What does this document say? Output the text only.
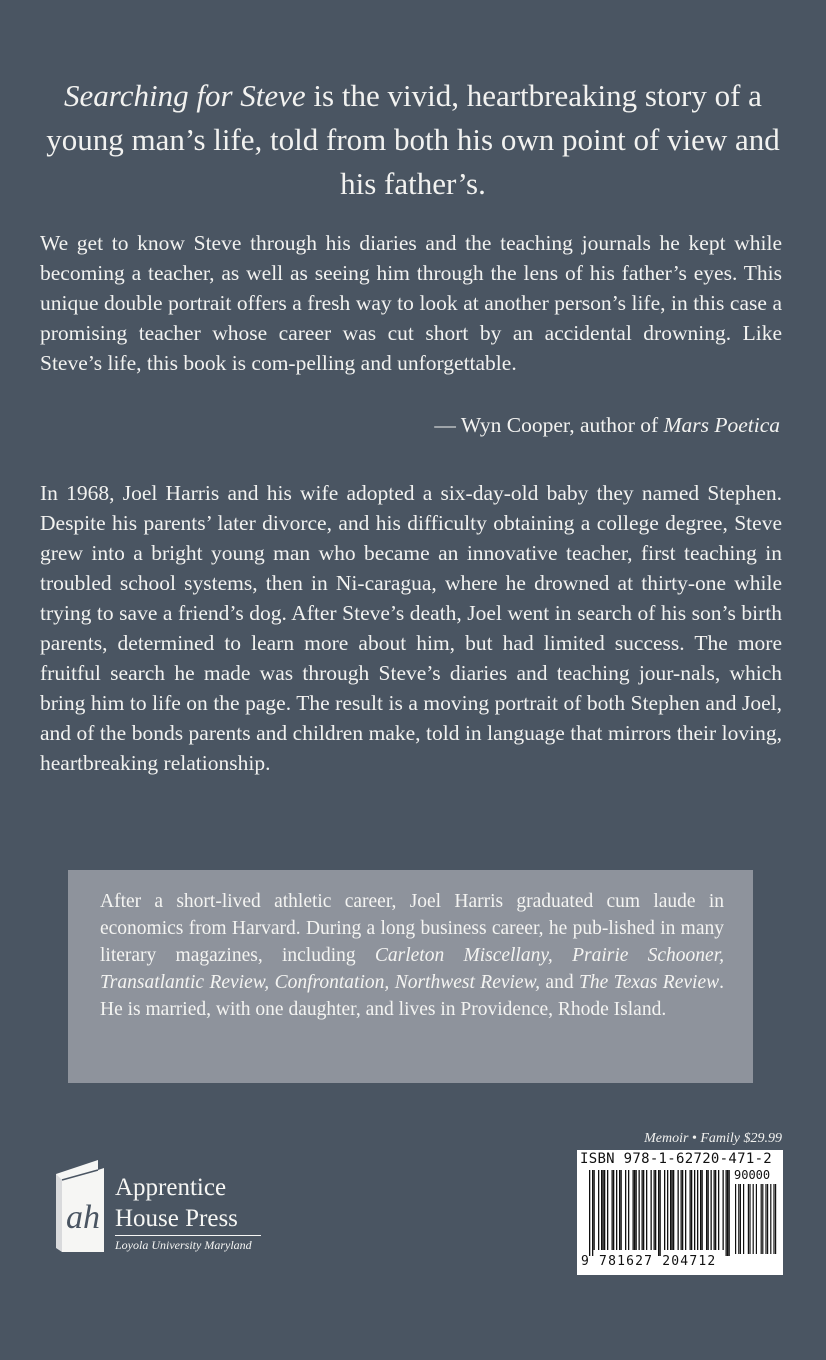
Searching for Steve is the vivid, heartbreaking story of a young man’s life, told from both his own point of view and his father’s.

We get to know Steve through his diaries and the teaching journals he kept while becoming a teacher, as well as seeing him through the lens of his father’s eyes. This unique double portrait offers a fresh way to look at another person’s life, in this case a promising teacher whose career was cut short by an accidental drowning. Like Steve’s life, this book is com-pelling and unforgettable.

— Wyn Cooper, author of Mars Poetica

In 1968, Joel Harris and his wife adopted a six-day-old baby they named Stephen. Despite his parents’ later divorce, and his difficulty obtaining a college degree, Steve grew into a bright young man who became an innovative teacher, first teaching in troubled school systems, then in Ni-caragua, where he drowned at thirty-one while trying to save a friend’s dog. After Steve’s death, Joel went in search of his son’s birth parents, determined to learn more about him, but had limited success. The more fruitful search he made was through Steve’s diaries and teaching jour-nals, which bring him to life on the page. The result is a moving portrait of both Stephen and Joel, and of the bonds parents and children make, told in language that mirrors their loving, heartbreaking relationship.

After a short-lived athletic career, Joel Harris graduated cum laude in economics from Harvard. During a long business career, he pub-lished in many literary magazines, including Carleton Miscellany, Prairie Schooner, Transatlantic Review, Confrontation, Northwest Review, and The Texas Review. He is married, with one daughter, and lives in Providence, Rhode Island.
ah
Apprentice
House Press
Loyola University Maryland
Memoir • Family $29.99
ISBN 978-1-62720-471-2
90000
9 781627 204712
